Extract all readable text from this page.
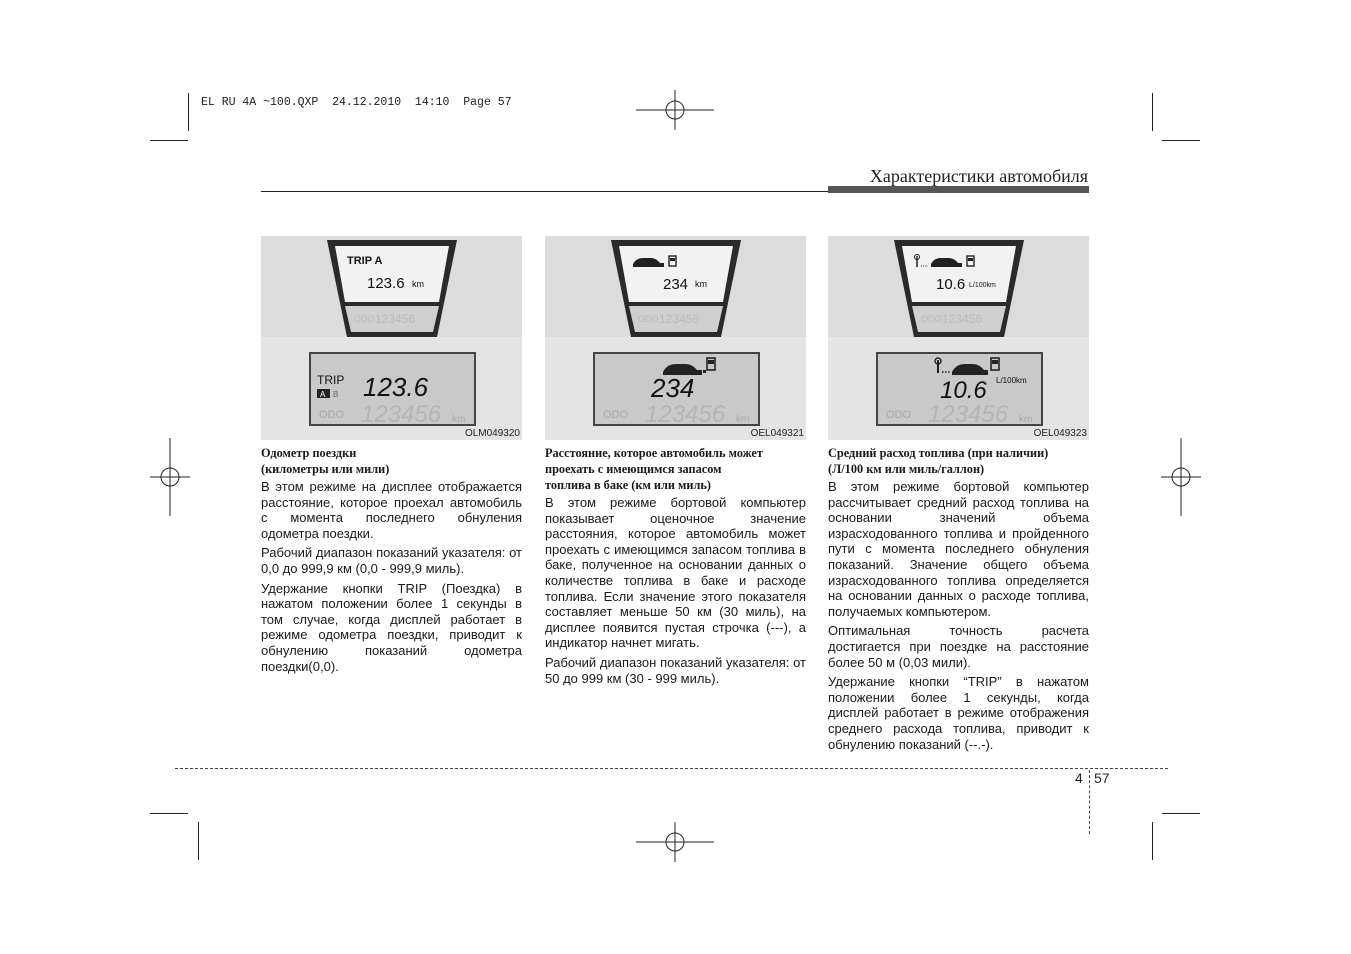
EL RU 4A ~100.QXP  24.12.2010  14:10  Page 57
Характеристики автомобиля
TRIP A
123.6 km
ODO 123456
TRIP
A B 123.6
ODO 123456 km
OLM049320
Одометр поездки
(километры или мили)

В этом режиме на дисплее отображается расстояние, которое проехал автомобиль с момента последнего обнуления одометра поездки.

Рабочий диапазон показаний указателя: от 0,0 до 999,9 км (0,0 - 999,9 миль).

Удержание кнопки TRIP (Поездка) в нажатом положении более 1 секунды в том случае, когда дисплей работает в режиме одометра поездки, приводит к обнулению показаний одометра поездки(0,0).

234 km
ODO 123456
234
ODO 123456 km
OEL049321
Расстояние, которое автомобиль может
проехать с имеющимся запасом
топлива в баке (км или миль)

В этом режиме бортовой компьютер показывает оценочное значение расстояния, которое автомобиль может проехать с имеющимся запасом топлива в баке, полученное на основании данных о количестве топлива в баке и расходе топлива. Если значение этого показателя составляет меньше 50 км (30 миль), на дисплее появится пустая строчка (---), а индикатор начнет мигать.

Рабочий диапазон показаний указателя: от 50 до 999 км (30 - 999 миль).

10.6 L/100km
ODO 123456
10.6 L/100km
ODO 123456 km
OEL049323
Средний расход топлива (при наличии)
(Л/100 км или миль/галлон)

В этом режиме бортовой компьютер рассчитывает средний расход топлива на основании значений объема израсходованного топлива и пройденного пути с момента последнего обнуления показаний. Значение общего объема израсходованного топлива определяется на основании данных о расходе топлива, получаемых компьютером.

Оптимальная точность расчета достигается при поездке на расстояние более 50 м (0,03 мили).

Удержание кнопки “TRIP” в нажатом положении более 1 секунды, когда дисплей работает в режиме отображения среднего расхода топлива, приводит к обнулению показаний (--.-).

4 57
